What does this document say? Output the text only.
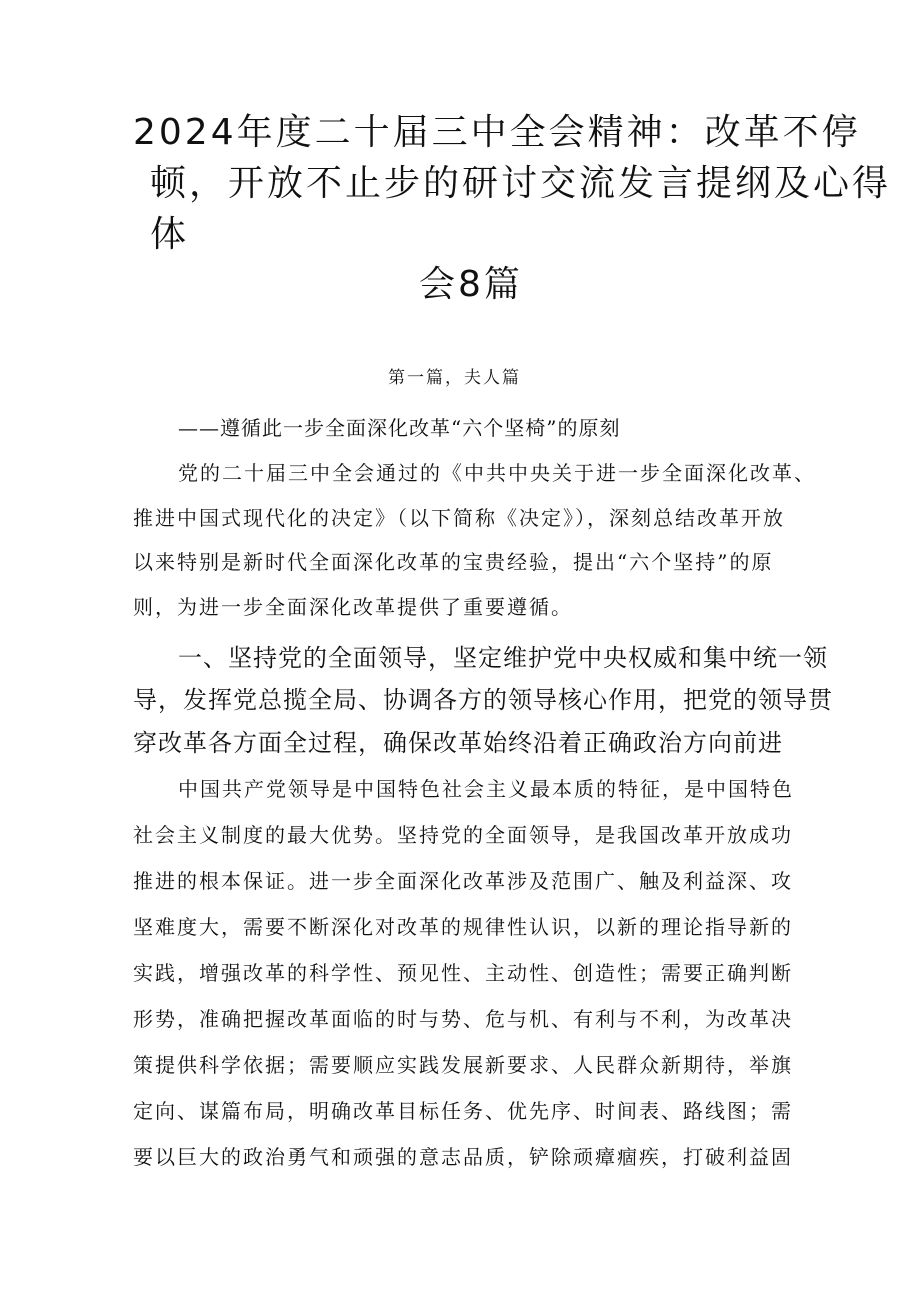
2024年度二十届三中全会精神：改革不停
顿，开放不止步的研讨交流发言提纲及心得
体
会8篇
第一篇，夫人篇
——遵循此一步全面深化改革“六个坚椅”的原刻
党的二十届三中全会通过的《中共中央关于进一步全面深化改革、
推进中国式现代化的决定》（以下简称《决定》），深刻总结改革开放
以来特别是新时代全面深化改革的宝贵经验，提出“六个坚持”的原
则，为进一步全面深化改革提供了重要遵循。
一、坚持党的全面领导，坚定维护党中央权威和集中统一领
导，发挥党总揽全局、协调各方的领导核心作用，把党的领导贯
穿改革各方面全过程，确保改革始终沿着正确政治方向前进
中国共产党领导是中国特色社会主义最本质的特征，是中国特色
社会主义制度的最大优势。坚持党的全面领导，是我国改革开放成功
推进的根本保证。进一步全面深化改革涉及范围广、触及利益深、攻
坚难度大，需要不断深化对改革的规律性认识，以新的理论指导新的
实践，增强改革的科学性、预见性、主动性、创造性；需要正确判断
形势，准确把握改革面临的时与势、危与机、有利与不利，为改革决
策提供科学依据；需要顺应实践发展新要求、人民群众新期待，举旗
定向、谋篇布局，明确改革目标任务、优先序、时间表、路线图；需
要以巨大的政治勇气和顽强的意志品质，铲除顽瘴痼疾，打破利益固
